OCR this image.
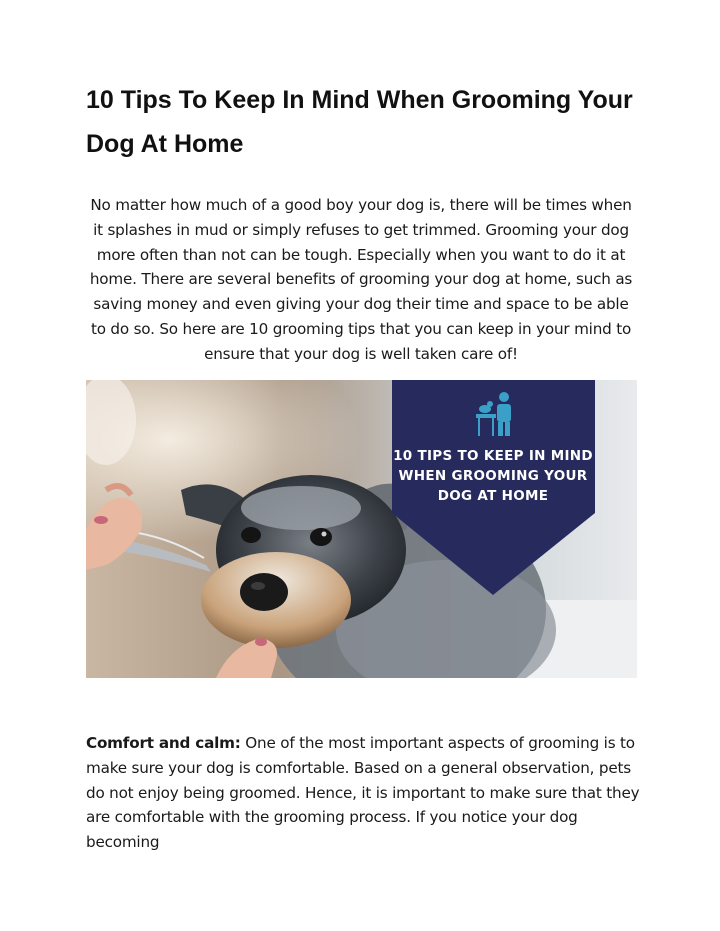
10 Tips To Keep In Mind When Grooming Your Dog At Home

No matter how much of a good boy your dog is, there will be times when it splashes in mud or simply refuses to get trimmed. Grooming your dog more often than not can be tough. Especially when you want to do it at home. There are several benefits of grooming your dog at home, such as saving money and even giving your dog their time and space to be able to do so. So here are 10 grooming tips that you can keep in your mind to ensure that your dog is well taken care of!

10 TIPS TO KEEP IN MIND
WHEN GROOMING YOUR
DOG AT HOME

Comfort and calm: One of the most important aspects of grooming is to make sure your dog is comfortable. Based on a general observation, pets do not enjoy being groomed. Hence, it is important to make sure that they are comfortable with the grooming process. If you notice your dog becoming
